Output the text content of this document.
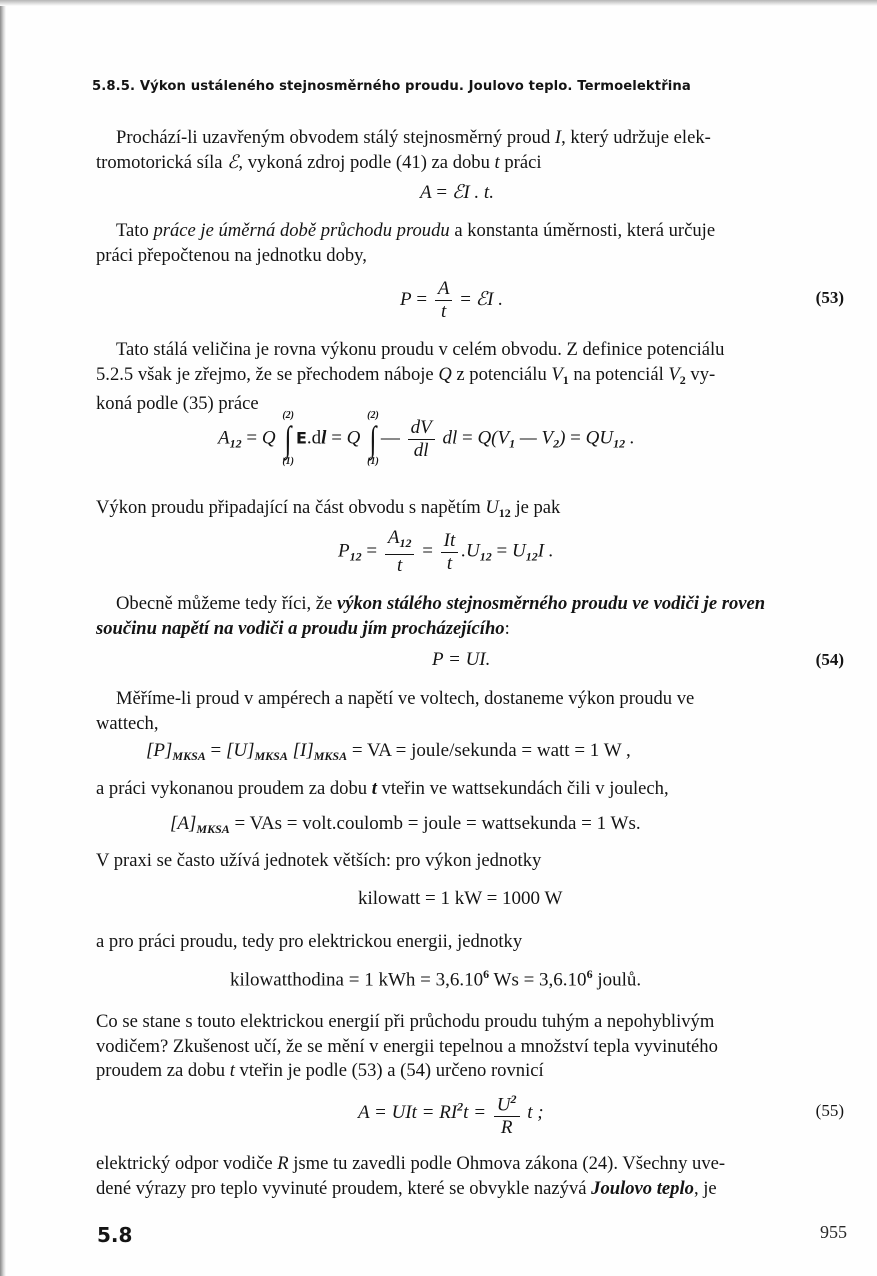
5.8.5. Výkon ustáleného stejnosměrného proudu. Joulovo teplo. Termoelektřina
Prochází-li uzavřeným obvodem stálý stejnosměrný proud I, který udržuje elek-
tromotorická síla ℰ, vykoná zdroj podle (41) za dobu t práci
A = ℰI . t.
Tato práce je úměrná době průchodu proudu a konstanta úměrnosti, která určuje
práci přepočtenou na jednotku doby,
$P = \frac{A}{t}$ = ℰI .	(53)
Tato stálá veličina je rovna výkonu proudu v celém obvodu. Z definice potenciálu
5.2.5 však je zřejmo, že se přechodem náboje Q z potenciálu $V_1$ na potenciál $V_2$ vy-
koná podle (35) práce
$A_{12} = Q$
(2)
∫
(1)
E.dl = Q
(2)
∫
(1)
— $\frac{dV}{dl}$ dl = $Q(V_1$ — $V_2) = QU_{12}$ .
Výkon proudu připadající na část obvodu s napětím $U_{12}$ je pak
$P_{12} = \frac{A_{12}}{t} = \frac{It}{t} .U_{12} = U_{12}I$ .
Obecně můžeme tedy říci, že výkon stálého stejnosměrného proudu ve vodiči je roven
součinu napětí na vodiči a proudu jím procházejícího:
P = UI.	(54)
Měříme-li proud v ampérech a napětí ve voltech, dostaneme výkon proudu ve
wattech,
$[P]_{MKSA} = [U]_{MKSA}$ $[I]_{MKSA}$ = VA = joule/sekunda = watt = 1 W ,
a práci vykonanou proudem za dobu t vteřin ve wattsekundách čili v joulech,
$[A]_{MKSA}$ = VAs = volt.coulomb = joule = wattsekunda = 1 Ws.
V praxi se často užívá jednotek větších: pro výkon jednotky
kilowatt = 1 kW = 1000 W
a pro práci proudu, tedy pro elektrickou energii, jednotky
kilowatthodina = 1 kWh = $3,6.10^6$ $Ws = 3,6.10^6$ joulů.
Co se stane s touto elektrickou energií při průchodu proudu tuhým a nepohyblivým
vodičem? Zkušenost učí, že se mění v energii tepelnou a množství tepla vyvinutého
proudem za dobu t vteřin je podle (53) a (54) určeno rovnicí
A = UIt = $RI^2t = \frac{U^2}{R}$ t ;	(55)
elektrický odpor vodiče R jsme tu zavedli podle Ohmova zákona (24). Všechny uve-
dené výrazy pro teplo vyvinuté proudem, které se obvykle nazývá Joulovo teplo, je
5.8	955
